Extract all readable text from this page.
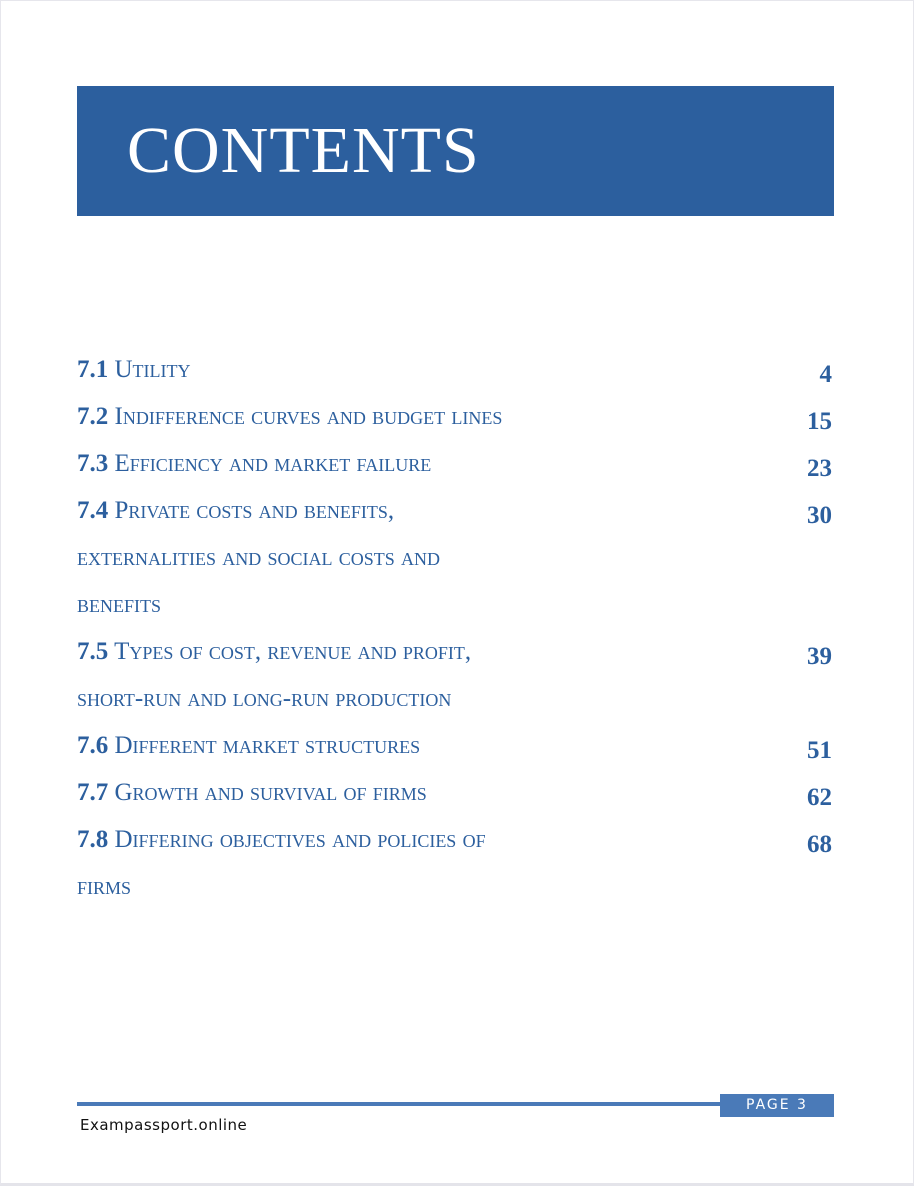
CONTENTS
7.1 Utility	4
7.2 Indifference curves and budget lines	15
7.3 Efficiency and market failure	23
7.4 Private costs and benefits,
externalities and social costs and
benefits
30
7.5 Types of cost, revenue and profit,
short-run and long-run production
39
7.6 Different market structures	51
7.7 Growth and survival of firms	62
7.8 Differing objectives and policies of
firms
68
PAGE 3
Exampassport.online
